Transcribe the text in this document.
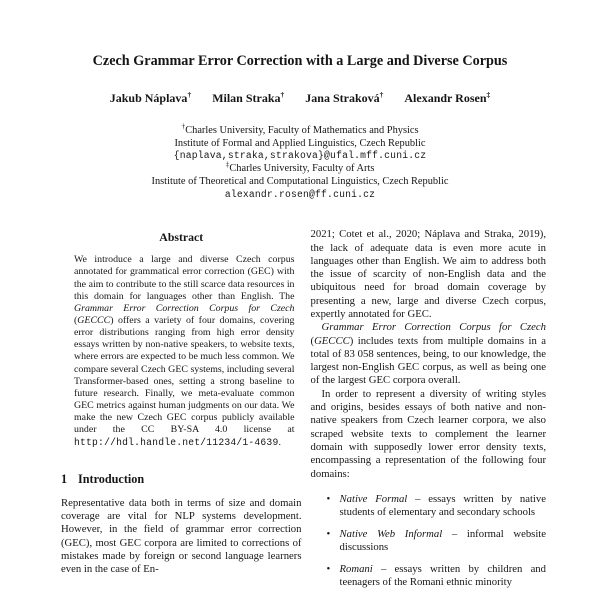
Czech Grammar Error Correction with a Large and Diverse Corpus
Jakub Náplava† Milan Straka† Jana Straková† Alexandr Rosen‡
†Charles University, Faculty of Mathematics and Physics
Institute of Formal and Applied Linguistics, Czech Republic
{naplava,straka,strakova}@ufal.mff.cuni.cz
‡Charles University, Faculty of Arts
Institute of Theoretical and Computational Linguistics, Czech Republic
alexandr.rosen@ff.cuni.cz
Abstract

We introduce a large and diverse Czech corpus annotated for grammatical error correction (GEC) with the aim to contribute to the still scarce data resources in this domain for languages other than English. The Grammar Error Correction Corpus for Czech (GECCC) offers a variety of four domains, covering error distributions ranging from high error density essays written by non-native speakers, to website texts, where errors are expected to be much less common. We compare several Czech GEC systems, including several Transformer-based ones, setting a strong baseline to future research. Finally, we meta-evaluate common GEC metrics against human judgments on our data. We make the new Czech GEC corpus publicly available under the CC BY-SA 4.0 license at http://hdl.handle.net/11234/1-4639.

1 Introduction

Representative data both in terms of size and domain coverage are vital for NLP systems development. However, in the field of grammar error correction (GEC), most GEC corpora are limited to corrections of mistakes made by foreign or second language learners even in the case of En-

2021; Cotet et al., 2020; Náplava and Straka, 2019), the lack of adequate data is even more acute in languages other than English. We aim to address both the issue of scarcity of non-English data and the ubiquitous need for broad domain coverage by presenting a new, large and diverse Czech corpus, expertly annotated for GEC.

Grammar Error Correction Corpus for Czech (GECCC) includes texts from multiple domains in a total of 83 058 sentences, being, to our knowledge, the largest non-English GEC corpus, as well as being one of the largest GEC corpora overall.

In order to represent a diversity of writing styles and origins, besides essays of both native and non-native speakers from Czech learner corpora, we also scraped website texts to complement the learner domain with supposedly lower error density texts, encompassing a representation of the following four domains:

• Native Formal – essays written by native students of elementary and secondary schools
• Native Web Informal – informal website discussions
• Romani – essays written by children and teenagers of the Romani ethnic minority
